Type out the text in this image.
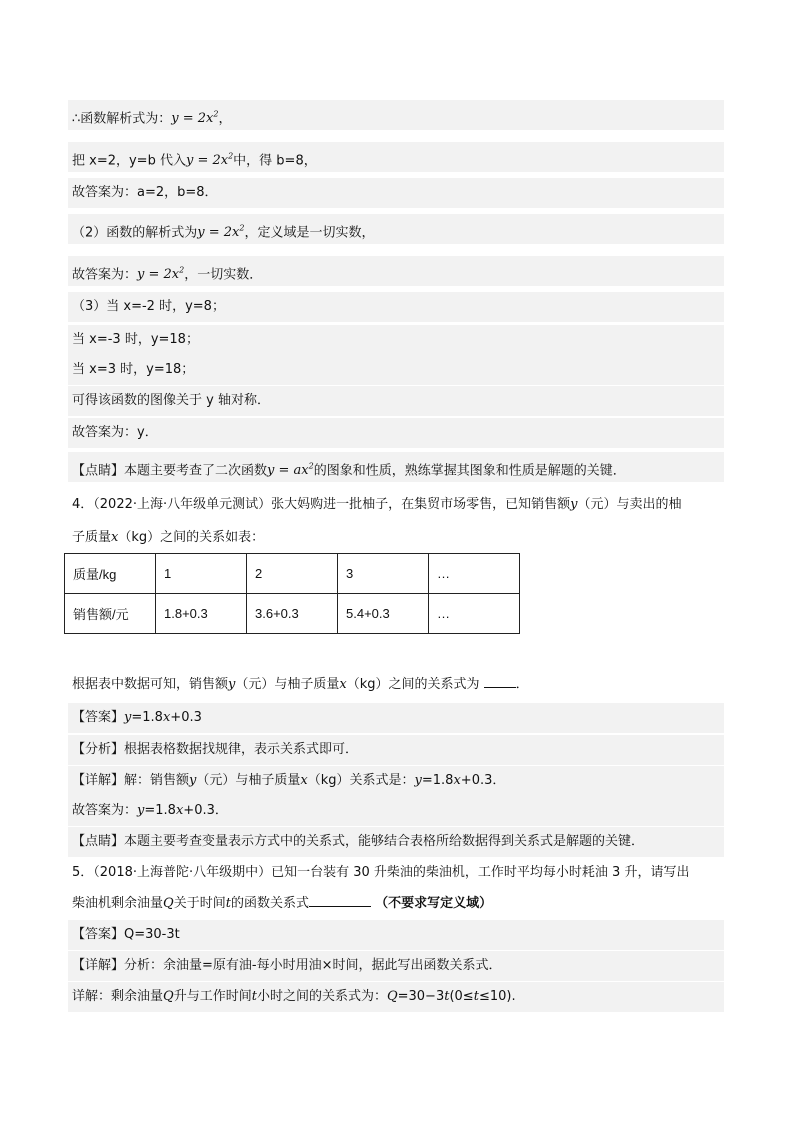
∴函数解析式为：$y = 2x^2$，
把 x=2，y=b 代入$y = 2x^2$中，得 b=8，
故答案为：a=2，b=8．
（2）函数的解析式为$y = 2x^2$，定义域是一切实数，
故答案为：$y = 2x^2$，一切实数．
（3）当 x=-2 时，y=8；
当 x=-3 时，y=18；
当 x=3 时，y=18；
可得该函数的图像关于 y 轴对称．
故答案为：y．
【点睛】本题主要考查了二次函数$y = ax^2$的图象和性质，熟练掌握其图象和性质是解题的关键．
4．（2022·上海·八年级单元测试）张大妈购进一批柚子，在集贸市场零售，已知销售额y（元）与卖出的柚
子质量x（kg）之间的关系如表：
质量/kg	1	2	3	…
销售额/元	1.8+0.3	3.6+0.3	5.4+0.3	…
根据表中数据可知，销售额y（元）与柚子质量x（kg）之间的关系式为	．
【答案】y=1.8x+0.3
【分析】根据表格数据找规律，表示关系式即可．
【详解】解：销售额y（元）与柚子质量x（kg）关系式是：y=1.8x+0.3．
故答案为：y=1.8x+0.3．
【点睛】本题主要考查变量表示方式中的关系式，能够结合表格所给数据得到关系式是解题的关键．
5．（2018·上海普陀·八年级期中）已知一台装有 30 升柴油的柴油机，工作时平均每小时耗油 3 升，请写出
柴油机剩余油量Q关于时间t的函数关系式	（不要求写定义域）
【答案】Q=30-3t
【详解】分析：余油量=原有油-每小时用油×时间，据此写出函数关系式．
详解：剩余油量Q升与工作时间t小时之间的关系式为：Q=30−3t(0≤t≤10).
